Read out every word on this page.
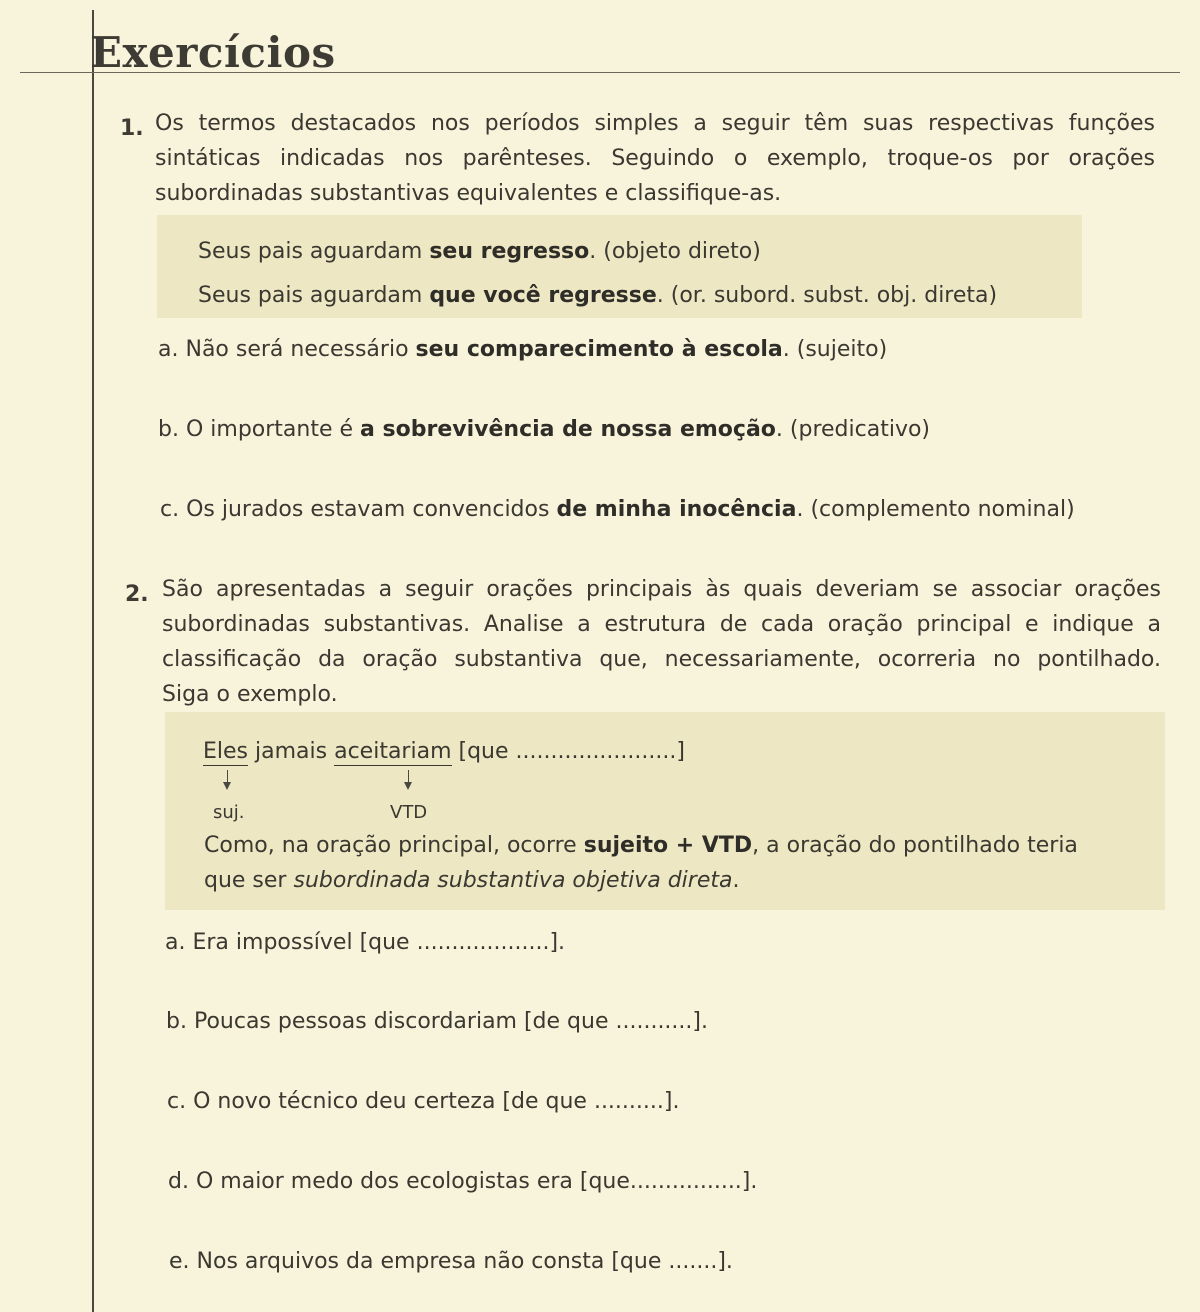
Exercícios
1. Os termos destacados nos períodos simples a seguir têm suas respectivas funções
sintáticas indicadas nos parênteses. Seguindo o exemplo, troque-os por orações
subordinadas substantivas equivalentes e classifique-as.
Seus pais aguardam seu regresso. (objeto direto)
Seus pais aguardam que você regresse. (or. subord. subst. obj. direta)
a. Não será necessário seu comparecimento à escola. (sujeito)
b. O importante é a sobrevivência de nossa emoção. (predicativo)
c. Os jurados estavam convencidos de minha inocência. (complemento nominal)
2. São apresentadas a seguir orações principais às quais deveriam se associar orações
subordinadas substantivas. Analise a estrutura de cada oração principal e indique a
classificação da oração substantiva que, necessariamente, ocorreria no pontilhado.
Siga o exemplo.
Eles jamais aceitariam [que .......................]
suj.	VTD
Como, na oração principal, ocorre sujeito + VTD, a oração do pontilhado teria
que ser subordinada substantiva objetiva direta.
a. Era impossível [que ...................].
b. Poucas pessoas discordariam [de que ...........].
c. O novo técnico deu certeza [de que ..........].
d. O maior medo dos ecologistas era [que................].
e. Nos arquivos da empresa não consta [que .......].
